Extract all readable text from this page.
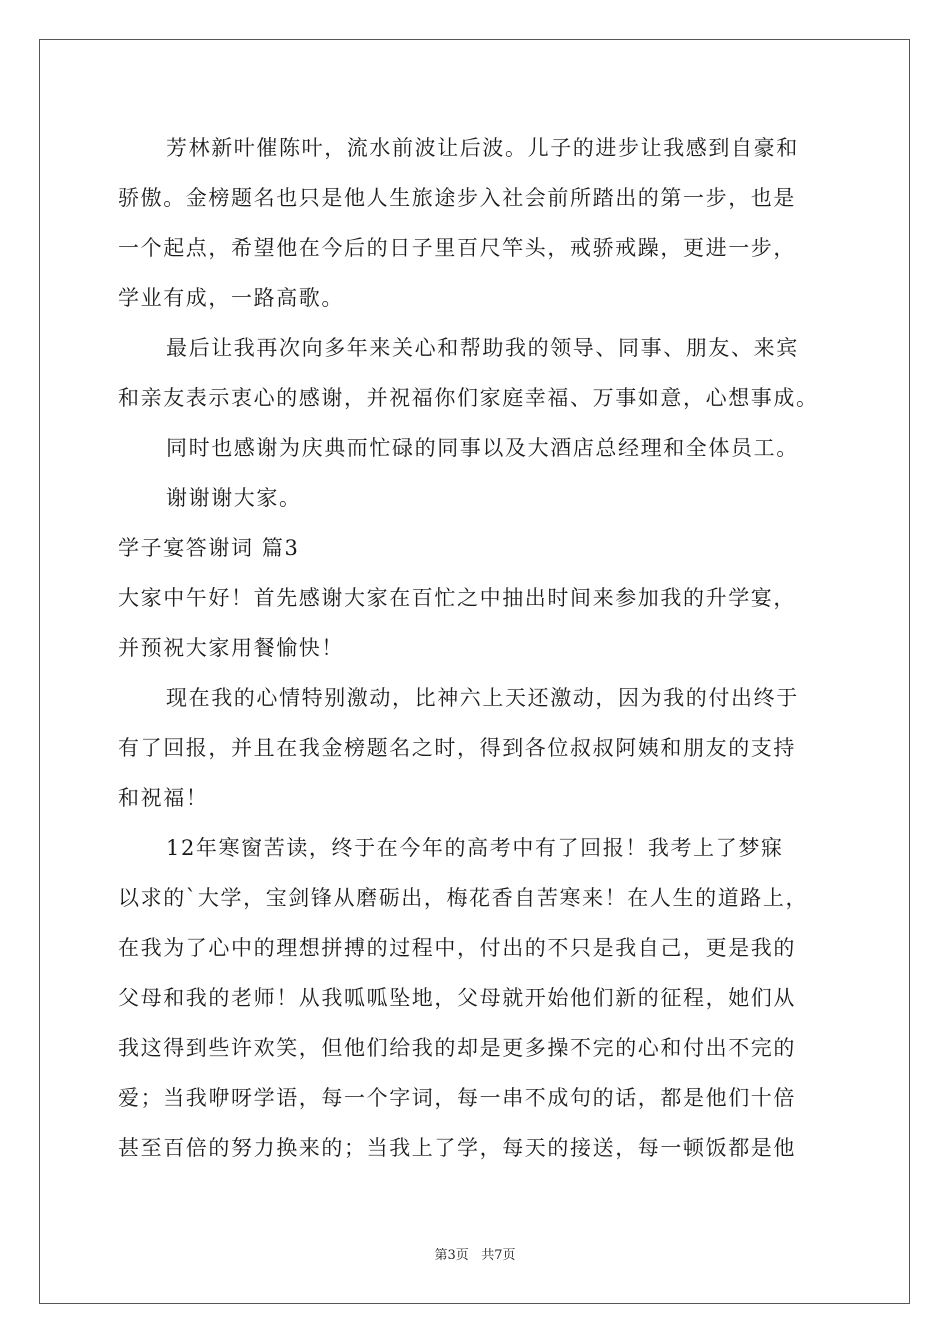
芳林新叶催陈叶，流水前波让后波。儿子的进步让我感到自豪和
骄傲。金榜题名也只是他人生旅途步入社会前所踏出的第一步，也是
一个起点，希望他在今后的日子里百尺竿头，戒骄戒躁，更进一步，
学业有成，一路高歌。
最后让我再次向多年来关心和帮助我的领导、同事、朋友、来宾
和亲友表示衷心的感谢，并祝福你们家庭幸福、万事如意，心想事成。
同时也感谢为庆典而忙碌的同事以及大酒店总经理和全体员工。
谢谢谢大家。
学子宴答谢词 篇3
大家中午好！首先感谢大家在百忙之中抽出时间来参加我的升学宴，
并预祝大家用餐愉快！
现在我的心情特别激动，比神六上天还激动，因为我的付出终于
有了回报，并且在我金榜题名之时，得到各位叔叔阿姨和朋友的支持
和祝福！
12年寒窗苦读，终于在今年的高考中有了回报！我考上了梦寐
以求的`大学，宝剑锋从磨砺出，梅花香自苦寒来！在人生的道路上，
在我为了心中的理想拼搏的过程中，付出的不只是我自己，更是我的
父母和我的老师！从我呱呱坠地，父母就开始他们新的征程，她们从
我这得到些许欢笑，但他们给我的却是更多操不完的心和付出不完的
爱；当我咿呀学语，每一个字词，每一串不成句的话，都是他们十倍
甚至百倍的努力换来的；当我上了学，每天的接送，每一顿饭都是他
第3页 共7页
